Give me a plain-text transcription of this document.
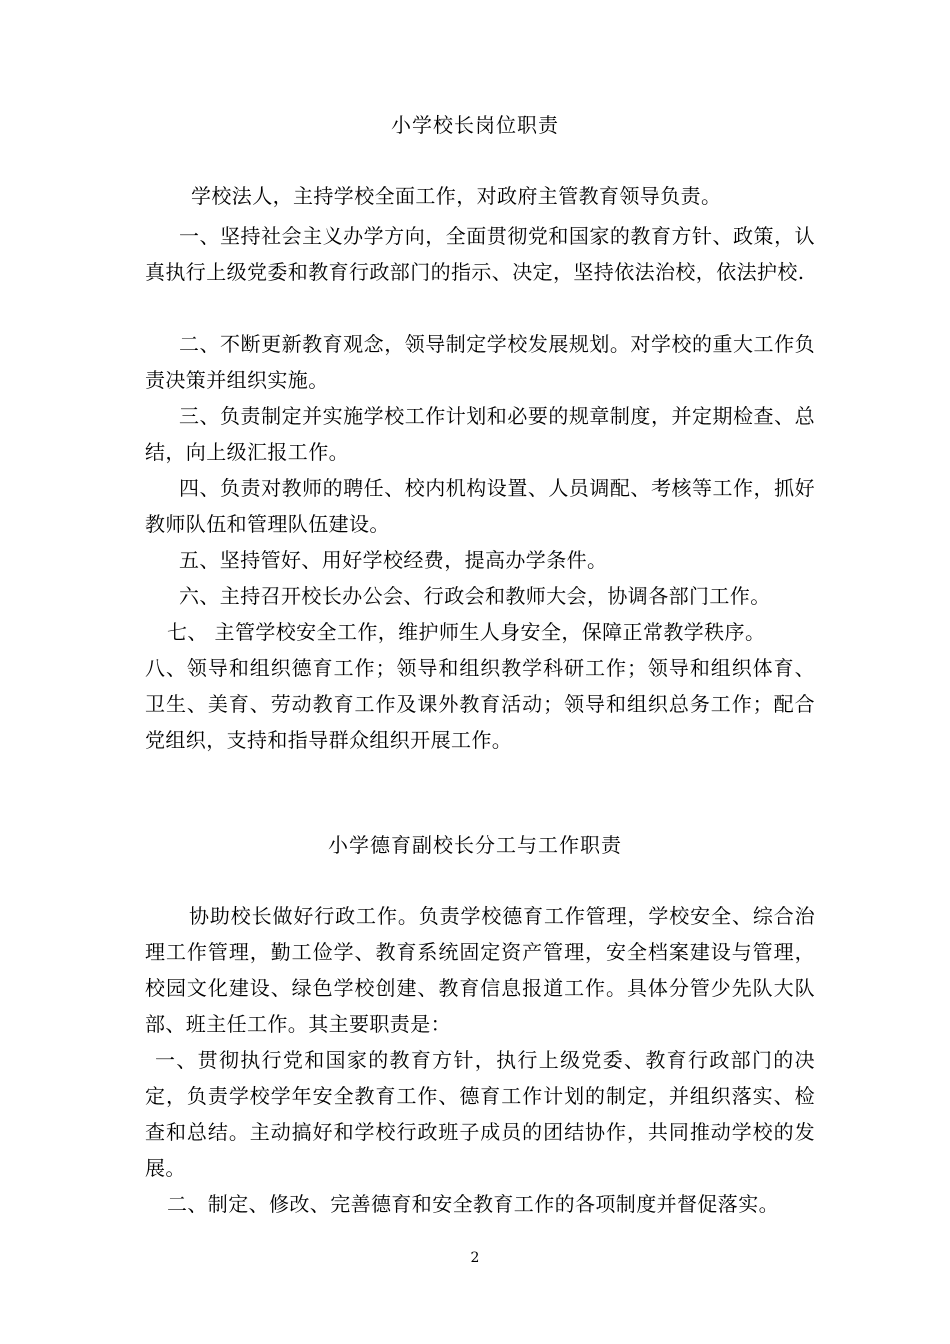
小学校长岗位职责
学校法人，主持学校全面工作，对政府主管教育领导负责。
一、坚持社会主义办学方向，全面贯彻党和国家的教育方针、政策，认真执行上级党委和教育行政部门的指示、决定，坚持依法治校，依法护校.
二、不断更新教育观念，领导制定学校发展规划。对学校的重大工作负责决策并组织实施。
三、负责制定并实施学校工作计划和必要的规章制度，并定期检查、总结，向上级汇报工作。
四、负责对教师的聘任、校内机构设置、人员调配、考核等工作，抓好教师队伍和管理队伍建设。
五、坚持管好、用好学校经费，提高办学条件。
六、主持召开校长办公会、行政会和教师大会，协调各部门工作。
七、 主管学校安全工作，维护师生人身安全，保障正常教学秩序。
八、领导和组织德育工作；领导和组织教学科研工作；领导和组织体育、卫生、美育、劳动教育工作及课外教育活动；领导和组织总务工作；配合党组织，支持和指导群众组织开展工作。
小学德育副校长分工与工作职责
协助校长做好行政工作。负责学校德育工作管理，学校安全、综合治理工作管理，勤工俭学、教育系统固定资产管理，安全档案建设与管理，校园文化建设、绿色学校创建、教育信息报道工作。具体分管少先队大队部、班主任工作。其主要职责是：
一、贯彻执行党和国家的教育方针，执行上级党委、教育行政部门的决定，负责学校学年安全教育工作、德育工作计划的制定，并组织落实、检查和总结。主动搞好和学校行政班子成员的团结协作，共同推动学校的发展。
二、制定、修改、完善德育和安全教育工作的各项制度并督促落实。
2
